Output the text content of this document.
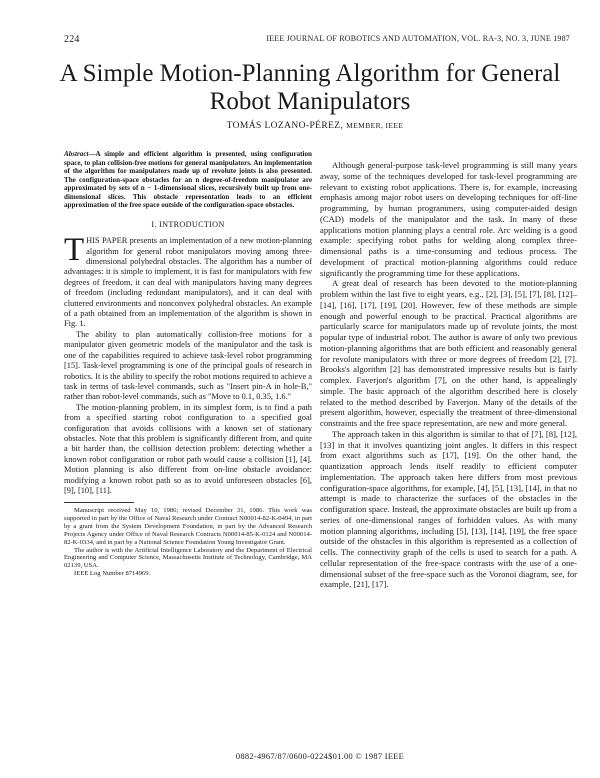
224	IEEE JOURNAL OF ROBOTICS AND AUTOMATION, VOL. RA-3, NO. 3, JUNE 1987
A Simple Motion-Planning Algorithm for General
Robot Manipulators
TOMÁS LOZANO-PÉREZ, MEMBER, IEEE

Abstract—A simple and efficient algorithm is presented, using configuration space, to plan collision-free motions for general manipulators. An implementation of the algorithm for manipulators made up of revolute joints is also presented. The configuration-space obstacles for an n degree-of-freedom manipulator are approximated by sets of n − 1-dimensional slices, recursively built up from one-dimensional slices. This obstacle representation leads to an efficient approximation of the free space outside of the configuration-space obstacles.

I. INTRODUCTION

THIS PAPER presents an implementation of a new motion-planning algorithm for general robot manipulators moving among three-dimensional polyhedral obstacles. The algorithm has a number of advantages: it is simple to implement, it is fast for manipulators with few degrees of freedom, it can deal with manipulators having many degrees of freedom (including redundant manipulators), and it can deal with cluttered environments and nonconvex polyhedral obstacles. An example of a path obtained from an implementation of the algorithm is shown in Fig. 1.

The ability to plan automatically collision-free motions for a manipulator given geometric models of the manipulator and the task is one of the capabilities required to achieve task-level robot programming [15]. Task-level programming is one of the principal goals of research in robotics. It is the ability to specify the robot motions required to achieve a task in terms of task-level commands, such as "Insert pin-A in hole-B," rather than robot-level commands, such as "Move to 0.1, 0.35, 1.6."

The motion-planning problem, in its simplest form, is to find a path from a specified starting robot configuration to a specified goal configuration that avoids collisions with a known set of stationary obstacles. Note that this problem is significantly different from, and quite a bit harder than, the collision detection problem: detecting whether a known robot configuration or robot path would cause a collision [1], [4]. Motion planning is also different from on-line obstacle avoidance: modifying a known robot path so as to avoid unforeseen obstacles [6], [9], [10], [11].

Manuscript received May 10, 1986; revised December 31, 1986. This work was supported in part by the Office of Naval Research under Contract N00014-82-K-0494, in part by a grant from the System Development Foundation, in part by the Advanced Research Projects Agency under Office of Naval Research Contracts N00014-85-K-0124 and N00014-82-K-0334, and in part by a National Science Foundation Young Investigator Grant.

The author is with the Artificial Intelligence Laboratory and the Department of Electrical Engineering and Computer Science, Massachusetts Institute of Technology, Cambridge, MA 02139, USA.

IEEE Log Number 8714969.

Although general-purpose task-level programming is still many years away, some of the techniques developed for task-level programming are relevant to existing robot applications. There is, for example, increasing emphasis among major robot users on developing techniques for off-line programming, by human programmers, using computer-aided design (CAD) models of the manipulator and the task. In many of these applications motion planning plays a central role. Arc welding is a good example: specifying robot paths for welding along complex three-dimensional paths is a time-consuming and tedious process. The development of practical motion-planning algorithms could reduce significantly the programming time for these applications.

A great deal of research has been devoted to the motion-planning problem within the last five to eight years, e.g., [2], [3], [5], [7], [8], [12]–[14], [16], [17], [19], [20]. However, few of these methods are simple enough and powerful enough to be practical. Practical algorithms are particularly scarce for manipulators made up of revolute joints, the most popular type of industrial robot. The author is aware of only two previous motion-planning algorithms that are both efficient and reasonably general for revolute manipulators with three or more degrees of freedom [2], [7]. Brooks's algorithm [2] has demonstrated impressive results but is fairly complex. Faverjon's algorithm [7], on the other hand, is appealingly simple. The basic approach of the algorithm described here is closely related to the method described by Faverjon. Many of the details of the present algorithm, however, especially the treatment of three-dimensional constraints and the free space representation, are new and more general.

The approach taken in this algorithm is similar to that of [7], [8], [12], [13] in that it involves quantizing joint angles. It differs in this respect from exact algorithms such as [17], [19]. On the other hand, the quantization approach lends itself readily to efficient computer implementation. The approach taken here differs from most previous configuration-space algorithms, for example, [4], [5], [13], [14], in that no attempt is made to characterize the surfaces of the obstacles in the configuration space. Instead, the approximate obstacles are built up from a series of one-dimensional ranges of forbidden values. As with many motion planning algorithms, including [5], [13], [14], [19], the free space outside of the obstacles in this algorithm is represented as a collection of cells. The connectivity graph of the cells is used to search for a path. A cellular representation of the free-space contrasts with the use of a one-dimensional subset of the free-space such as the Voronoi diagram, see, for example, [21], [17].

0882-4967/87/0600-0224$01.00 © 1987 IEEE
